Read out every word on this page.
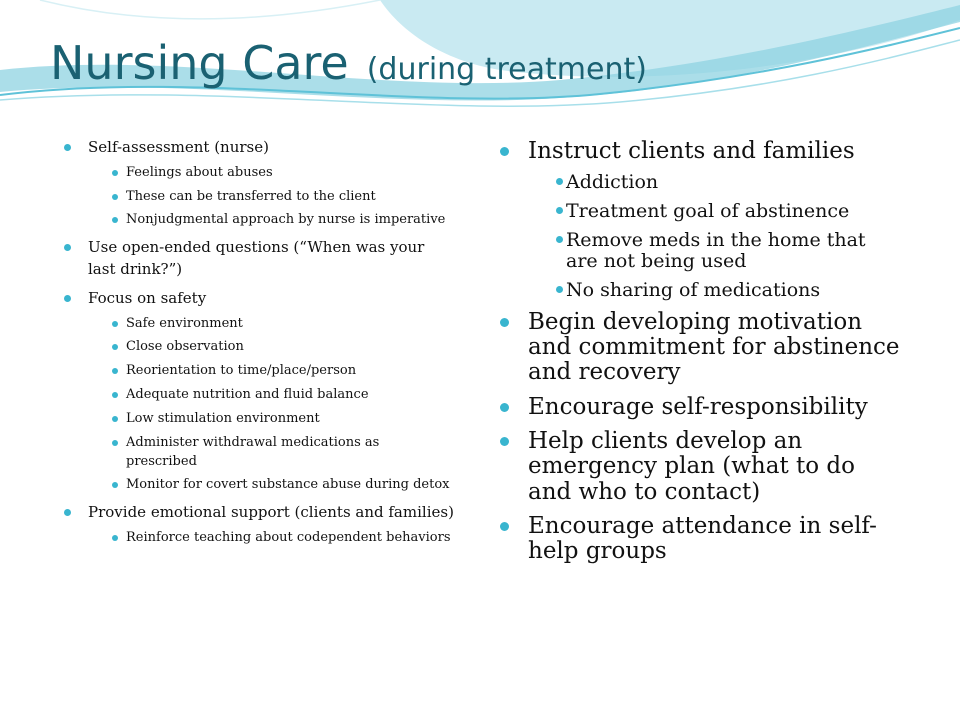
Nursing Care (during treatment)
Self-assessment (nurse)
Feelings about abuses
These can be transferred to the client
Nonjudgmental approach by nurse is imperative
Use open-ended questions (“When was your last drink?”)
Focus on safety
Safe environment
Close observation
Reorientation to time/place/person
Adequate nutrition and fluid balance
Low stimulation environment
Administer withdrawal medications as prescribed
Monitor for covert substance abuse during detox
Provide emotional support (clients and families)
Reinforce teaching about codependent behaviors
Instruct clients and families
Addiction
Treatment goal of abstinence
Remove meds in the home that are not being used
No sharing of medications
Begin developing motivation and commitment for abstinence and recovery
Encourage self-responsibility
Help clients develop an emergency plan (what to do and who to contact)
Encourage attendance in self-help groups
